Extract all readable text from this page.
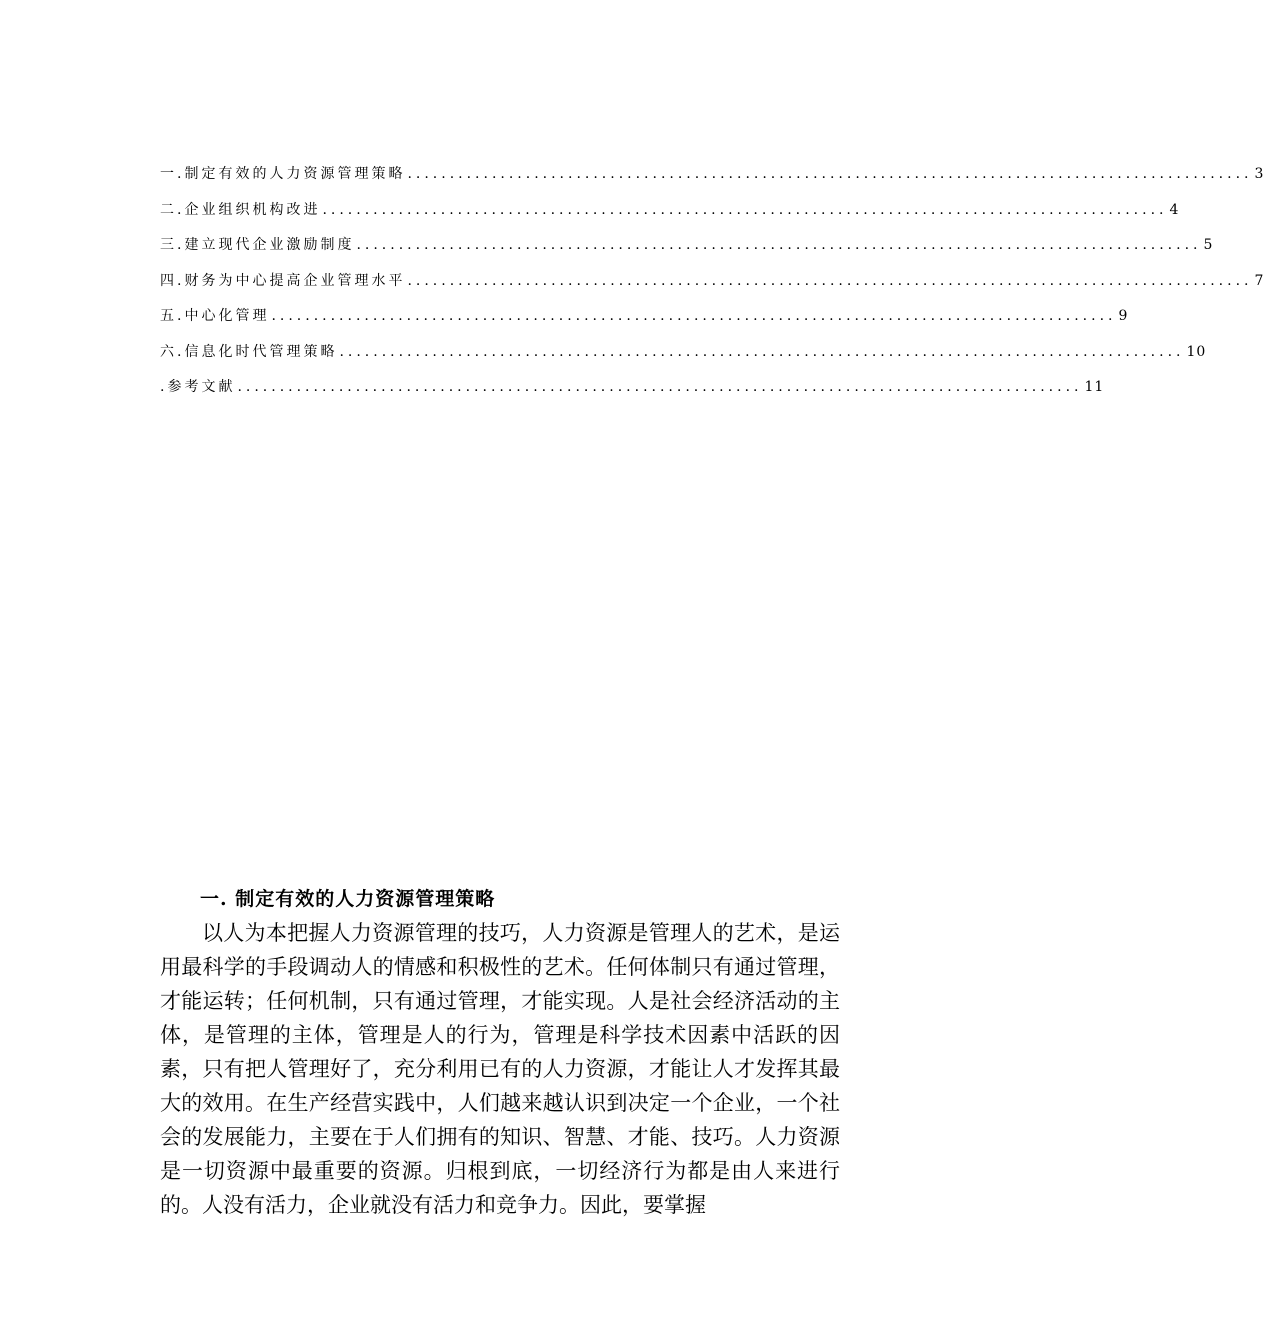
一. 制定有效的人力资源管理策略 .................................................................................................... 3
二. 企业组织机构改进 .................................................................................................... 4
三. 建立现代企业激励制度 .................................................................................................... 5
四. 财务为中心提高企业管理水平 .................................................................................................... 7
五. 中心化管理 .................................................................................................... 9
六. 信息化时代管理策略 .................................................................................................... 10
. 参考文献 .................................................................................................... 11
一. 制定有效的人力资源管理策略

以人为本把握人力资源管理的技巧，人力资源是管理人的艺术，是运用最科学的手段调动人的情感和积极性的艺术。任何体制只有通过管理，才能运转；任何机制，只有通过管理，才能实现。人是社会经济活动的主体，是管理的主体，管理是人的行为，管理是科学技术因素中活跃的因素，只有把人管理好了，充分利用已有的人力资源，才能让人才发挥其最大的效用。在生产经营实践中，人们越来越认识到决定一个企业，一个社会的发展能力，主要在于人们拥有的知识、智慧、才能、技巧。人力资源是一切资源中最重要的资源。归根到底，一切经济行为都是由人来进行的。人没有活力，企业就没有活力和竞争力。因此，要掌握
